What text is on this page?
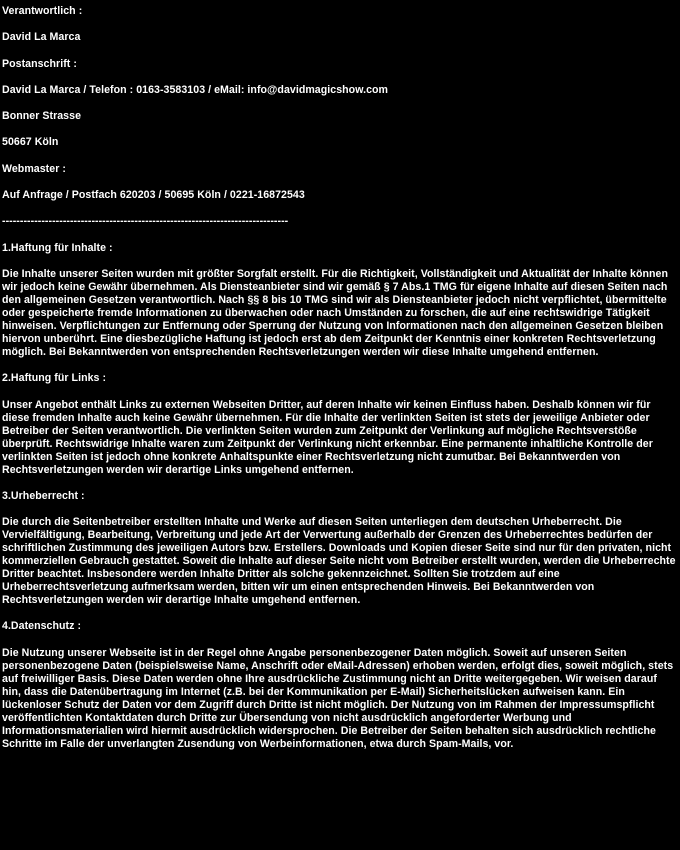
Verantwortlich :
David La Marca
Postanschrift :
David La Marca / Telefon : 0163-3583103 / eMail: info@davidmagicshow.com
Bonner Strasse
50667 Köln
Webmaster :
Auf Anfrage / Postfach 620203 / 50695 Köln / 0221-16872543
--------------------------------------------------------------------------------
1.Haftung für Inhalte :
Die Inhalte unserer Seiten wurden mit größter Sorgfalt erstellt. Für die Richtigkeit, Vollständigkeit und Aktualität der Inhalte können wir jedoch keine Gewähr übernehmen. Als Diensteanbieter sind wir gemäß § 7 Abs.1 TMG für eigene Inhalte auf diesen Seiten nach den allgemeinen Gesetzen verantwortlich. Nach §§ 8 bis 10 TMG sind wir als Diensteanbieter jedoch nicht verpflichtet, übermittelte oder gespeicherte fremde Informationen zu überwachen oder nach Umständen zu forschen, die auf eine rechtswidrige Tätigkeit hinweisen. Verpflichtungen zur Entfernung oder Sperrung der Nutzung von Informationen nach den allgemeinen Gesetzen bleiben hiervon unberührt. Eine diesbezügliche Haftung ist jedoch erst ab dem Zeitpunkt der Kenntnis einer konkreten Rechtsverletzung möglich. Bei Bekanntwerden von entsprechenden Rechtsverletzungen werden wir diese Inhalte umgehend entfernen.
2.Haftung für Links :
Unser Angebot enthält Links zu externen Webseiten Dritter, auf deren Inhalte wir keinen Einfluss haben. Deshalb können wir für diese fremden Inhalte auch keine Gewähr übernehmen. Für die Inhalte der verlinkten Seiten ist stets der jeweilige Anbieter oder Betreiber der Seiten verantwortlich. Die verlinkten Seiten wurden zum Zeitpunkt der Verlinkung auf mögliche Rechtsverstöße überprüft. Rechtswidrige Inhalte waren zum Zeitpunkt der Verlinkung nicht erkennbar. Eine permanente inhaltliche Kontrolle der verlinkten Seiten ist jedoch ohne konkrete Anhaltspunkte einer Rechtsverletzung nicht zumutbar. Bei Bekanntwerden von Rechtsverletzungen werden wir derartige Links umgehend entfernen.
3.Urheberrecht :
Die durch die Seitenbetreiber erstellten Inhalte und Werke auf diesen Seiten unterliegen dem deutschen Urheberrecht. Die Vervielfältigung, Bearbeitung, Verbreitung und jede Art der Verwertung außerhalb der Grenzen des Urheberrechtes bedürfen der schriftlichen Zustimmung des jeweiligen Autors bzw. Erstellers. Downloads und Kopien dieser Seite sind nur für den privaten, nicht kommerziellen Gebrauch gestattet. Soweit die Inhalte auf dieser Seite nicht vom Betreiber erstellt wurden, werden die Urheberrechte Dritter beachtet. Insbesondere werden Inhalte Dritter als solche gekennzeichnet. Sollten Sie trotzdem auf eine Urheberrechtsverletzung aufmerksam werden, bitten wir um einen entsprechenden Hinweis. Bei Bekanntwerden von Rechtsverletzungen werden wir derartige Inhalte umgehend entfernen.
4.Datenschutz :
Die Nutzung unserer Webseite ist in der Regel ohne Angabe personenbezogener Daten möglich. Soweit auf unseren Seiten personenbezogene Daten (beispielsweise Name, Anschrift oder eMail-Adressen) erhoben werden, erfolgt dies, soweit möglich, stets auf freiwilliger Basis. Diese Daten werden ohne Ihre ausdrückliche Zustimmung nicht an Dritte weitergegeben. Wir weisen darauf hin, dass die Datenübertragung im Internet (z.B. bei der Kommunikation per E-Mail) Sicherheitslücken aufweisen kann. Ein lückenloser Schutz der Daten vor dem Zugriff durch Dritte ist nicht möglich. Der Nutzung von im Rahmen der Impressumspflicht veröffentlichten Kontaktdaten durch Dritte zur Übersendung von nicht ausdrücklich angeforderter Werbung und Informationsmaterialien wird hiermit ausdrücklich widersprochen. Die Betreiber der Seiten behalten sich ausdrücklich rechtliche Schritte im Falle der unverlangten Zusendung von Werbeinformationen, etwa durch Spam-Mails, vor.
